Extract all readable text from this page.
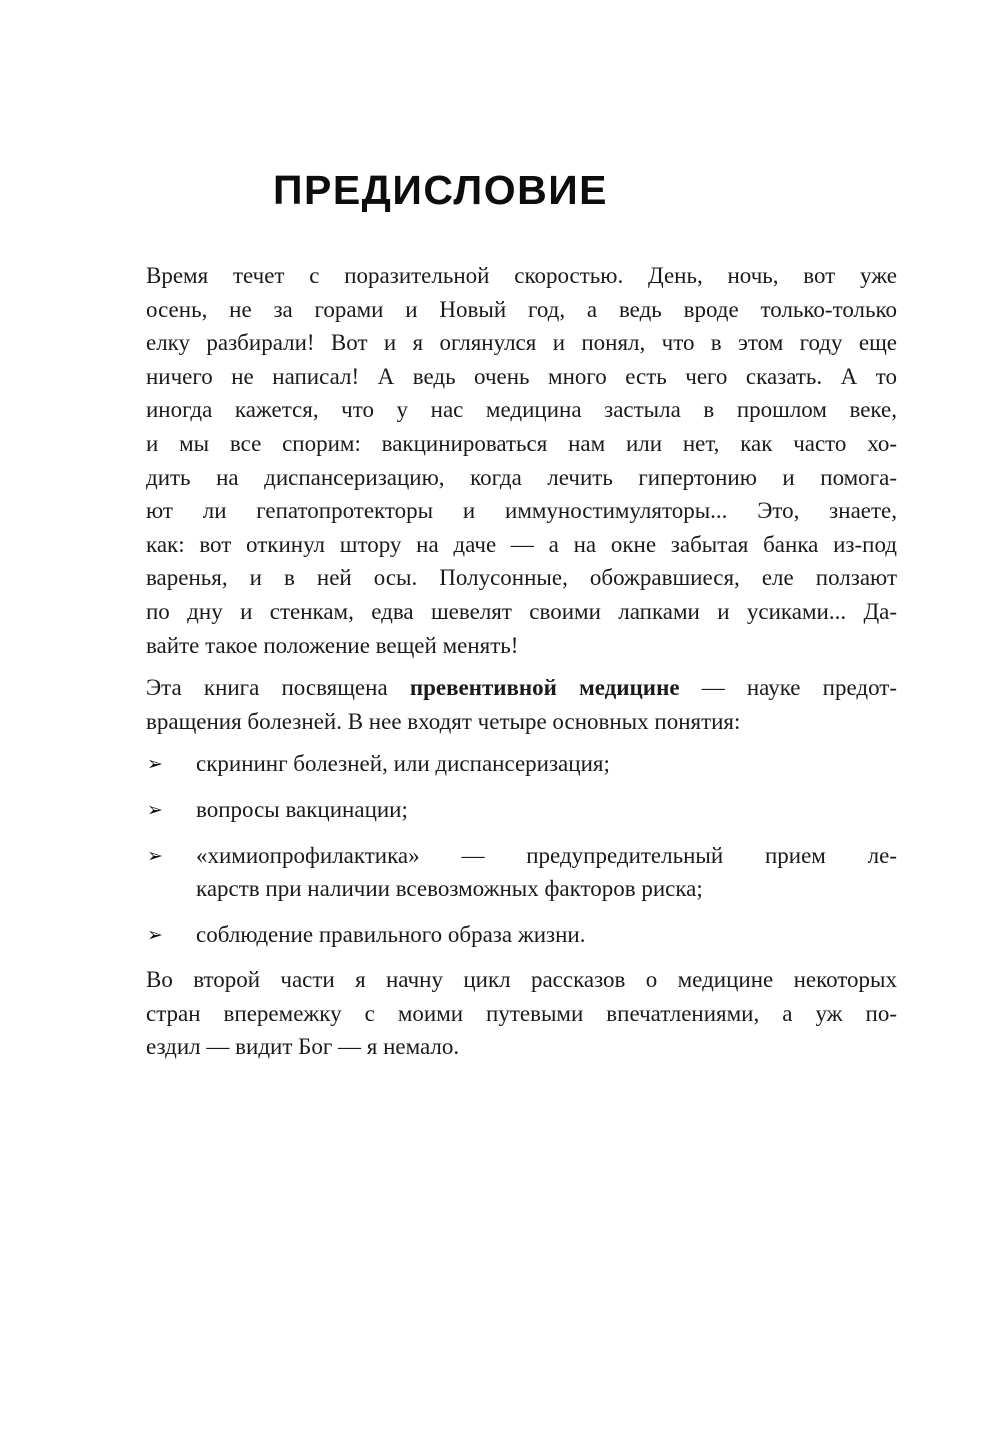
ПРЕДИСЛОВИЕ
Время течет с поразительной скоростью. День, ночь, вот уже
осень, не за горами и Новый год, а ведь вроде только-только
елку разбирали! Вот и я оглянулся и понял, что в этом году еще
ничего не написал! А ведь очень много есть чего сказать. А то
иногда кажется, что у нас медицина застыла в прошлом веке,
и мы все спорим: вакцинироваться нам или нет, как часто хо-
дить на диспансеризацию, когда лечить гипертонию и помога-
ют ли гепатопротекторы и иммуностимуляторы... Это, знаете,
как: вот откинул штору на даче — а на окне забытая банка из-под
варенья, и в ней осы. Полусонные, обожравшиеся, еле ползают
по дну и стенкам, едва шевелят своими лапками и усиками... Да-
вайте такое положение вещей менять!
Эта книга посвящена превентивной медицине — науке предот-
вращения болезней. В нее входят четыре основных понятия:
➢ скрининг болезней, или диспансеризация;
➢ вопросы вакцинации;
➢ «химиопрофилактика» — предупредительный прием ле-
карств при наличии всевозможных факторов риска;
➢ соблюдение правильного образа жизни.
Во второй части я начну цикл рассказов о медицине некоторых
стран вперемежку с моими путевыми впечатлениями, а уж по-
ездил — видит Бог — я немало.
